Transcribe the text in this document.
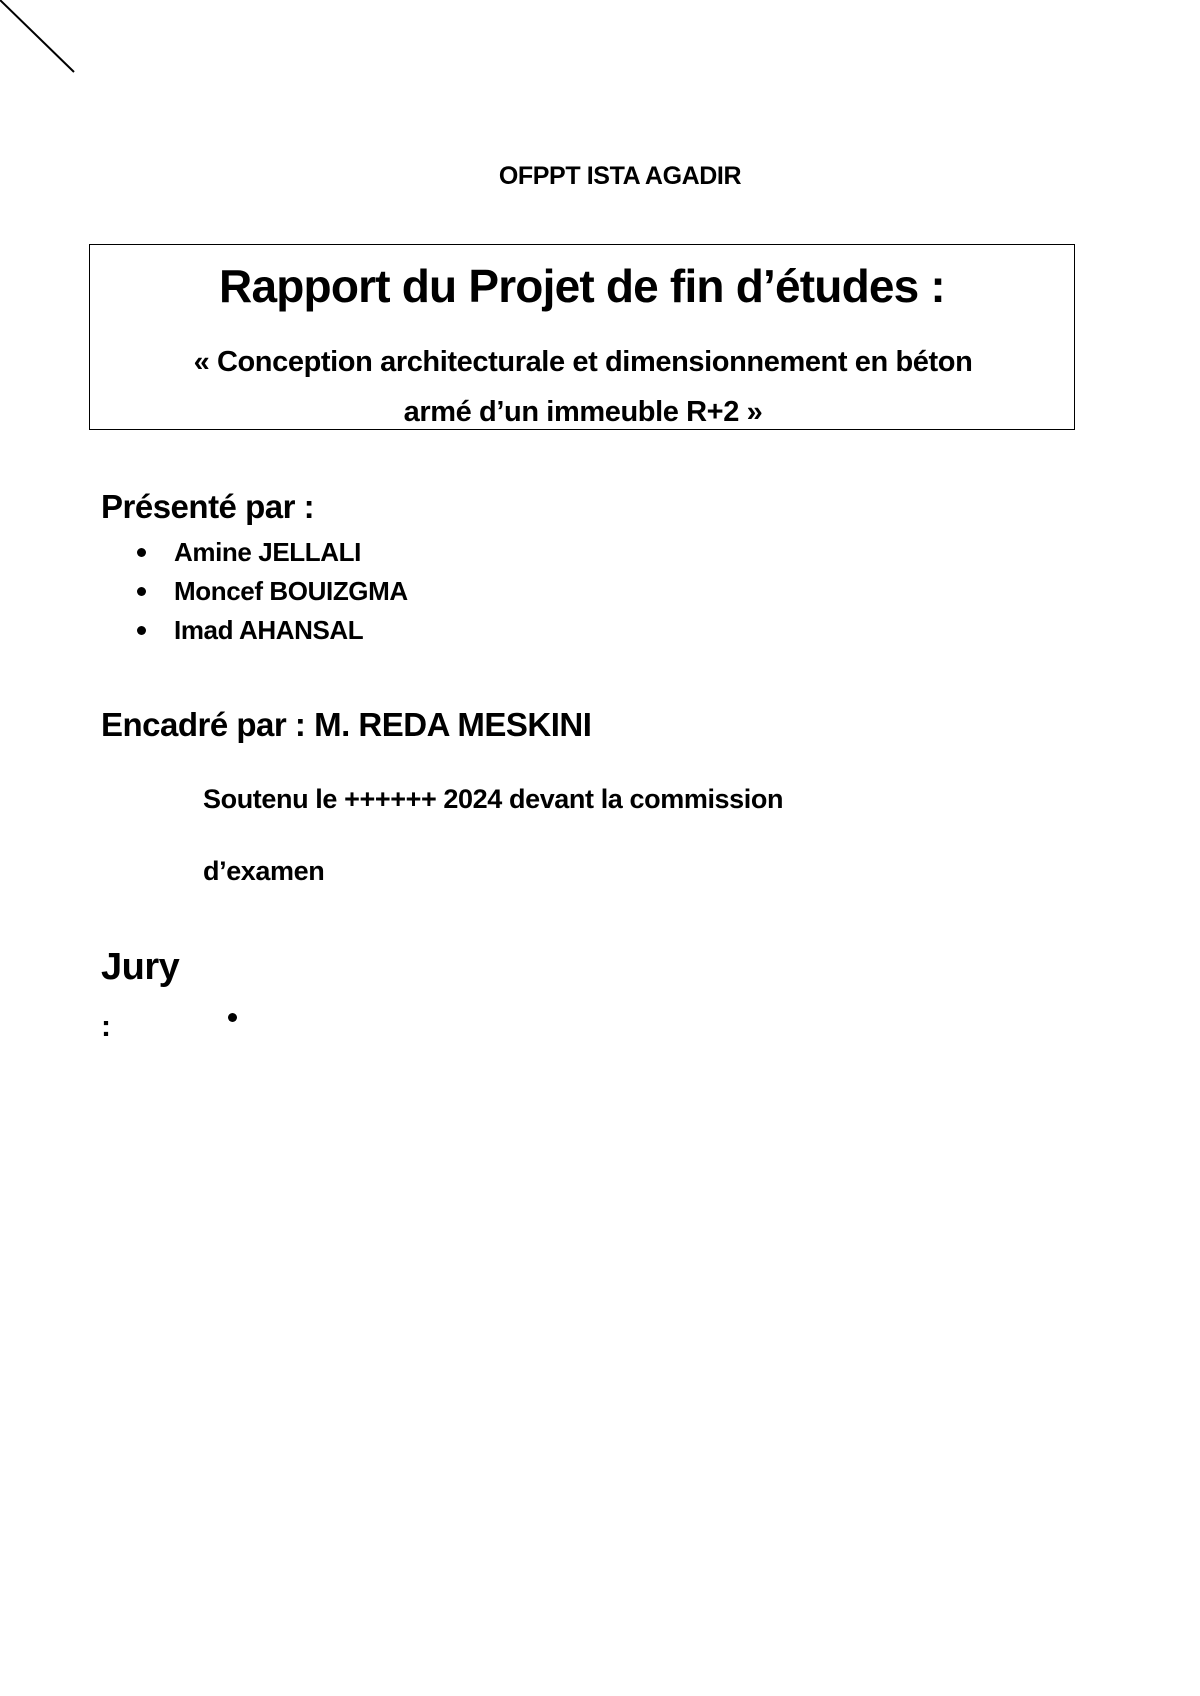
OFPPT ISTA AGADIR
Rapport du Projet de fin d’études :
« Conception architecturale et dimensionnement en béton
armé d’un immeuble R+2 »
Présenté par :
Amine JELLALI
Moncef BOUIZGMA
Imad AHANSAL
Encadré par : M. REDA MESKINI
Soutenu le ++++++ 2024 devant la commission
d’examen
Jury
:
